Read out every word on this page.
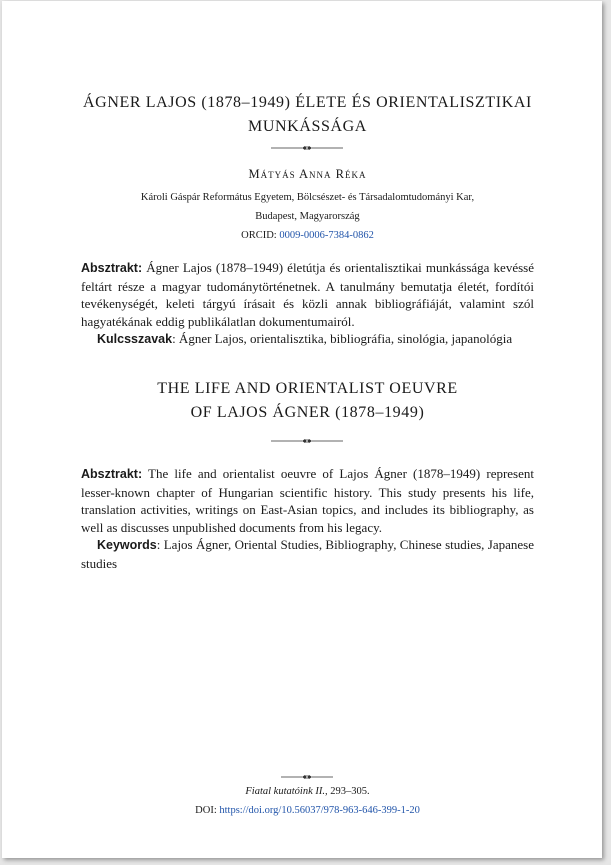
ÁGNER LAJOS (1878–1949) ÉLETE ÉS ORIENTALISZTIKAI
MUNKÁSSÁGA
Mátyás Anna Réka
Károli Gáspár Református Egyetem, Bölcsészet- és Társadalomtudományi Kar,
Budapest, Magyarország
ORCID: 0009-0006-7384-0862

Absztrakt: Ágner Lajos (1878–1949) életútja és orientalisztikai munkássága kevéssé feltárt része a magyar tudománytörténetnek. A tanulmány bemutatja életét, fordítói tevékenységét, keleti tárgyú írásait és közli annak bibliográfiáját, valamint szól hagyatékának eddig publikálatlan dokumentumairól.

Kulcsszavak: Ágner Lajos, orientalisztika, bibliográfia, sinológia, japanológia

THE LIFE AND ORIENTALIST OEUVRE
OF LAJOS ÁGNER (1878–1949)

Absztrakt: The life and orientalist oeuvre of Lajos Ágner (1878–1949) represent lesser-known chapter of Hungarian scientific history. This study presents his life, translation activities, writings on East-Asian topics, and includes its bibliography, as well as discusses unpublished documents from his legacy.

Keywords: Lajos Ágner, Oriental Studies, Bibliography, Chinese studies, Japanese studies

Fiatal kutatóink II., 293–305.
DOI: https://doi.org/10.56037/978-963-646-399-1-20
